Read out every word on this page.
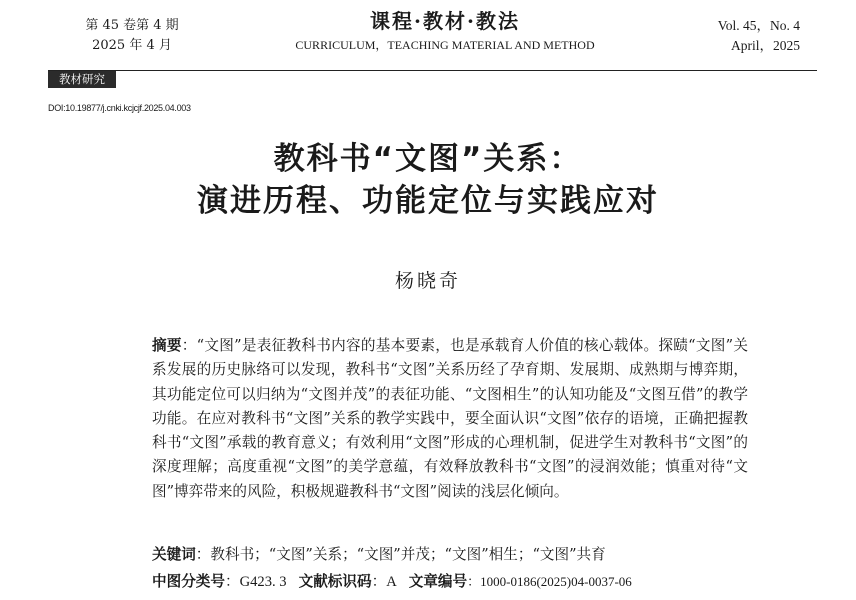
第 45 卷第 4 期
2025 年 4 月
课程·教材·教法
CURRICULUM，TEACHING MATERIAL AND METHOD
Vol. 45，No. 4
April，2025
教材研究
DOI:10.19877/j.cnki.kcjcjf.2025.04.003
教科书“文图”关系：
演进历程、功能定位与实践应对
杨晓奇
摘要：“文图”是表征教科书内容的基本要素，也是承载育人价值的核心载体。探赜“文图”关系发展的历史脉络可以发现，教科书“文图”关系历经了孕育期、发展期、成熟期与博弈期，其功能定位可以归纳为“文图并茂”的表征功能、“文图相生”的认知功能及“文图互借”的教学功能。在应对教科书“文图”关系的教学实践中，要全面认识“文图”依存的语境，正确把握教科书“文图”承载的教育意义；有效利用“文图”形成的心理机制，促进学生对教科书“文图”的深度理解；高度重视“文图”的美学意蕴，有效释放教科书“文图”的浸润效能；慎重对待“文图”博弈带来的风险，积极规避教科书“文图”阅读的浅层化倾向。
关键词：教科书；“文图”关系；“文图”并茂；“文图”相生；“文图”共育
中图分类号：G423. 3 文献标识码：A 文章编号：1000-0186(2025)04-0037-06
